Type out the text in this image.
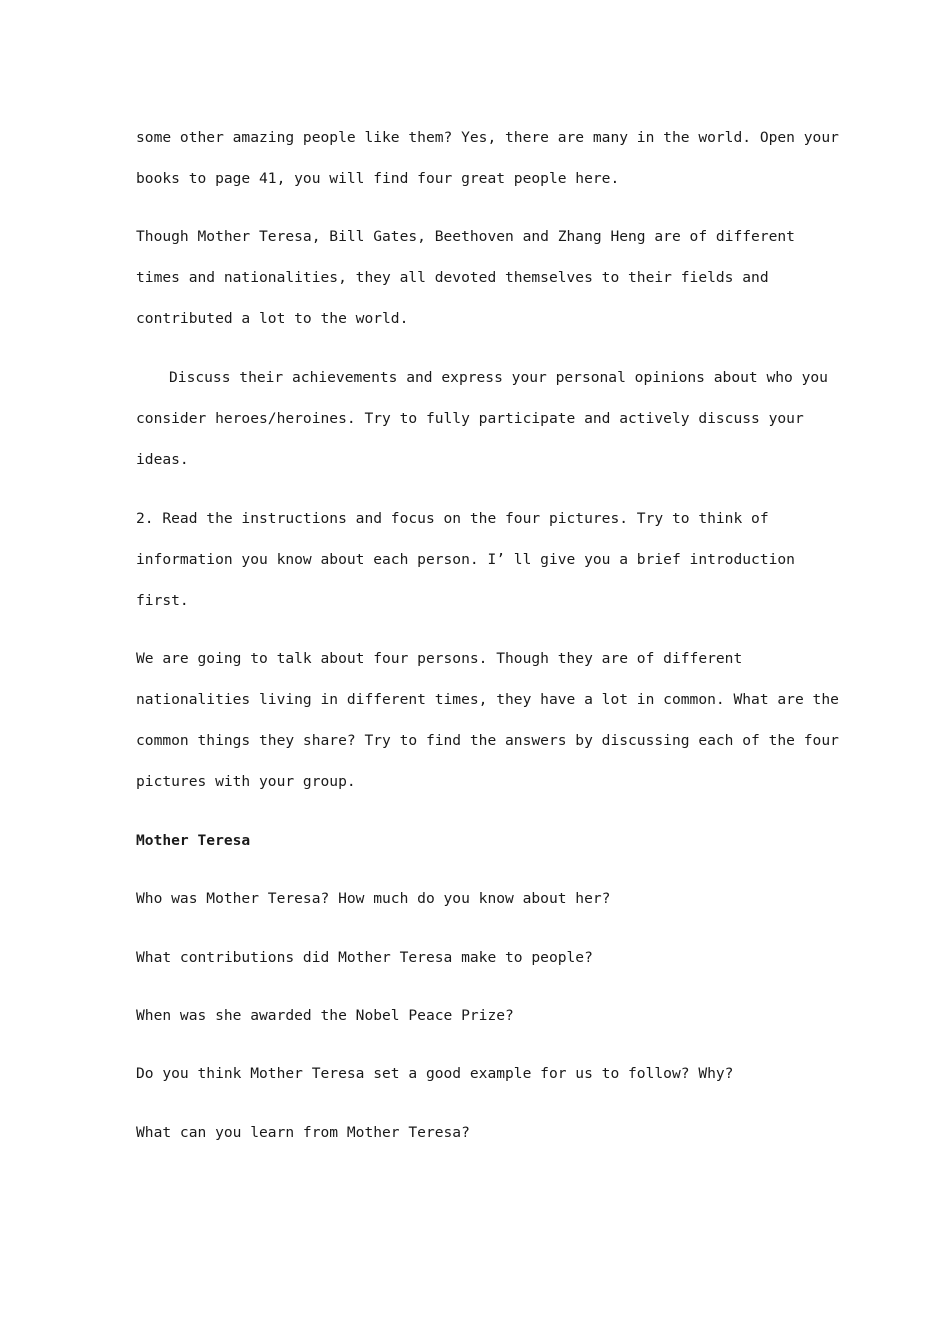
some other amazing people like them? Yes, there are many in the world. Open your
books to page 41, you will find four great people here.

Though Mother Teresa, Bill Gates, Beethoven and Zhang Heng are of different
times and nationalities, they all devoted themselves to their fields and
contributed a lot to the world.

Discuss their achievements and express your personal opinions about who you
consider heroes/heroines. Try to fully participate and actively discuss your
ideas.

2. Read the instructions and focus on the four pictures. Try to think of
information you know about each person. I’ ll give you a brief introduction
first.

We are going to talk about four persons. Though they are of different
nationalities living in different times, they have a lot in common. What are the
common things they share? Try to find the answers by discussing each of the four
pictures with your group.

Mother Teresa

Who was Mother Teresa? How much do you know about her?

What contributions did Mother Teresa make to people?

When was she awarded the Nobel Peace Prize?

Do you think Mother Teresa set a good example for us to follow? Why?

What can you learn from Mother Teresa?
